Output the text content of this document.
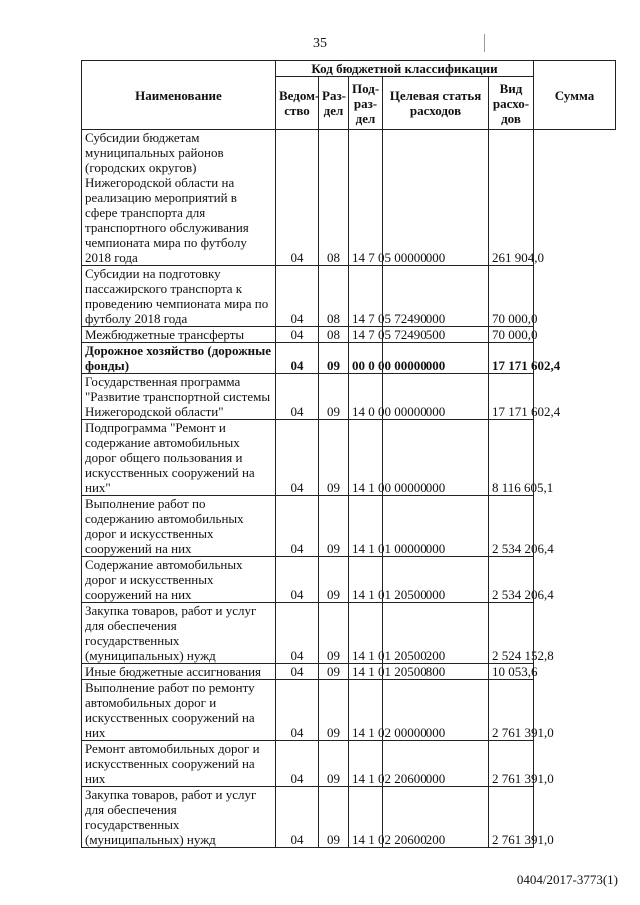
35
Наименование	Код бюджетной классификации					Сумма
	Ведом-ство	Раз-дел	Под-раз-дел	Целевая статья расходов	Вид расхо-дов	
Субсидии бюджетам муниципальных районов (городских округов) Нижегородской области на реализацию мероприятий в сфере транспорта для транспортного обслуживания чемпионата мира по футболу 2018 года	04	08	14 7 05 00000	000	261 904,0	
Субсидии на подготовку пассажирского транспорта к проведению чемпионата мира по футболу 2018 года	04	08	14 7 05 72490	000	70 000,0	
Межбюджетные трансферты	04	08	14 7 05 72490	500	70 000,0	
Дорожное хозяйство (дорожные фонды)	04	09	00 0 00 00000	000	17 171 602,4	
Государственная программа "Развитие транспортной системы Нижегородской области"	04	09	14 0 00 00000	000	17 171 602,4	
Подпрограмма "Ремонт и содержание автомобильных дорог общего пользования и искусственных сооружений на них"	04	09	14 1 00 00000	000	8 116 605,1	
Выполнение работ по содержанию автомобильных дорог и искусственных сооружений на них	04	09	14 1 01 00000	000	2 534 206,4	
Содержание автомобильных дорог и искусственных сооружений на них	04	09	14 1 01 20500	000	2 534 206,4	
Закупка товаров, работ и услуг для обеспечения государственных (муниципальных) нужд	04	09	14 1 01 20500	200	2 524 152,8	
Иные бюджетные ассигнования	04	09	14 1 01 20500	800	10 053,6	
Выполнение работ по ремонту автомобильных дорог и искусственных сооружений на них	04	09	14 1 02 00000	000	2 761 391,0	
Ремонт автомобильных дорог и искусственных сооружений на них	04	09	14 1 02 20600	000	2 761 391,0	
Закупка товаров, работ и услуг для обеспечения государственных (муниципальных) нужд	04	09	14 1 02 20600	200	2 761 391,0	
0404/2017-3773(1)
